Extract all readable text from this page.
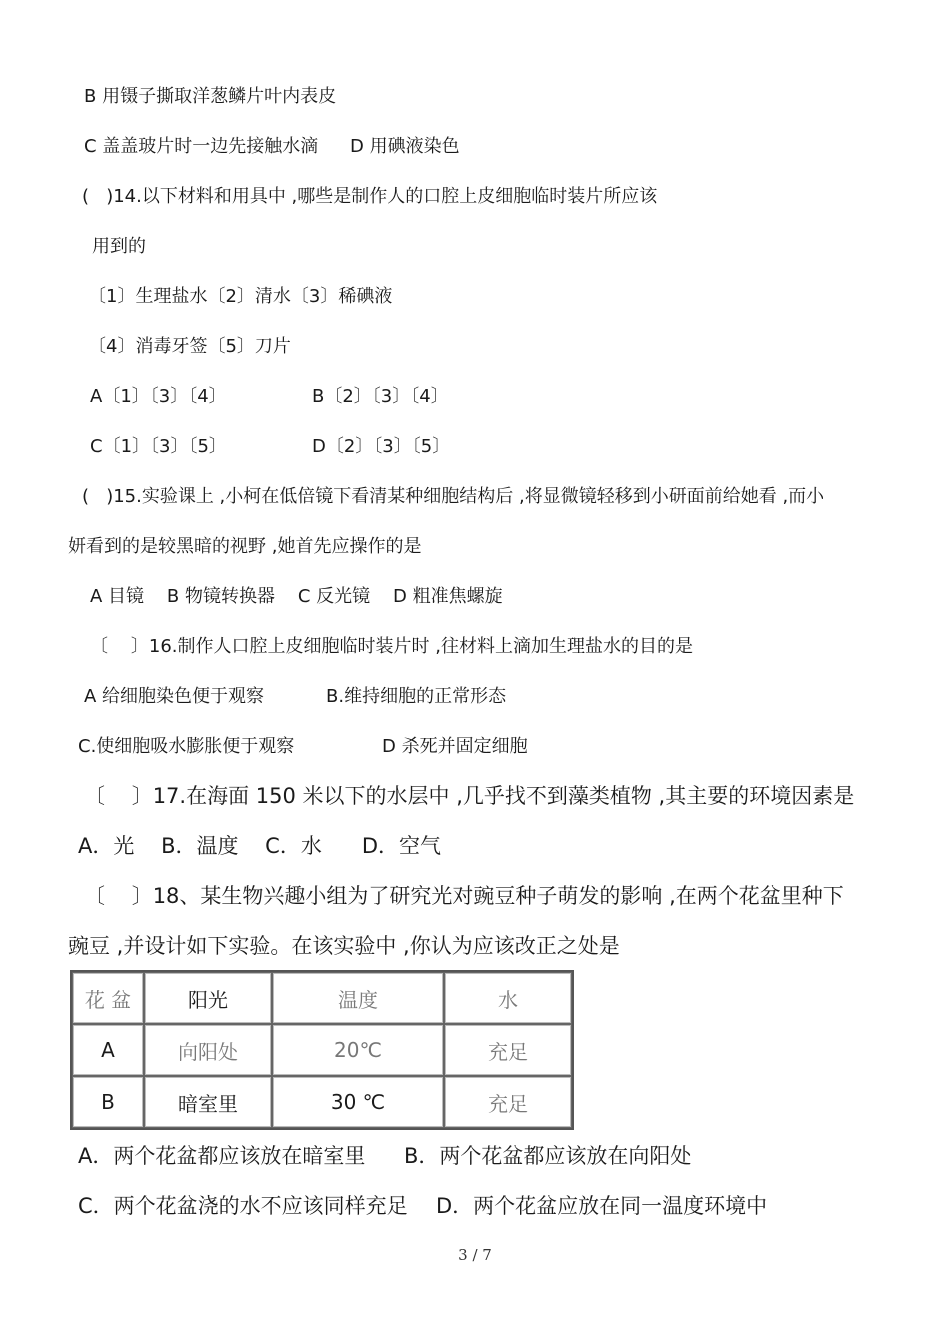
B 用镊子撕取洋葱鳞片叶内表皮
C 盖盖玻片时一边先接触水滴 D 用碘液染色
(   )14.以下材料和用具中 ,哪些是制作人的口腔上皮细胞临时装片所应该
用到的
〔1〕生理盐水〔2〕清水〔3〕稀碘液
〔4〕消毒牙签〔5〕刀片
A〔1〕〔3〕〔4〕	B〔2〕〔3〕〔4〕
C〔1〕〔3〕〔5〕	D〔2〕〔3〕〔5〕
(   )15.实验课上 ,小柯在低倍镜下看清某种细胞结构后 ,将显微镜轻移到小研面前给她看 ,而小
妍看到的是较黑暗的视野 ,她首先应操作的是
A 目镜    B 物镜转换器    C 反光镜    D 粗准焦螺旋
〔    〕16.制作人口腔上皮细胞临时装片时 ,往材料上滴加生理盐水的目的是
A 给细胞染色便于观察	B.维持细胞的正常形态
C.使细胞吸水膨胀便于观察	D 杀死并固定细胞
〔    〕17.在海面 150 米以下的水层中 ,几乎找不到藻类植物 ,其主要的环境因素是
A．光    B．温度    C．水      D．空气
〔    〕18、某生物兴趣小组为了研究光对豌豆种子萌发的影响 ,在两个花盆里种下
豌豆 ,并设计如下实验。在该实验中 ,你认为应该改正之处是
花 盆	阳光	温度	水
A	向阳处	20℃	充足
B	暗室里	30 ℃	充足
A．两个花盆都应该放在暗室里 B．两个花盆都应该放在向阳处
C．两个花盆浇的水不应该同样充足 D．两个花盆应放在同一温度环境中
3 / 7
